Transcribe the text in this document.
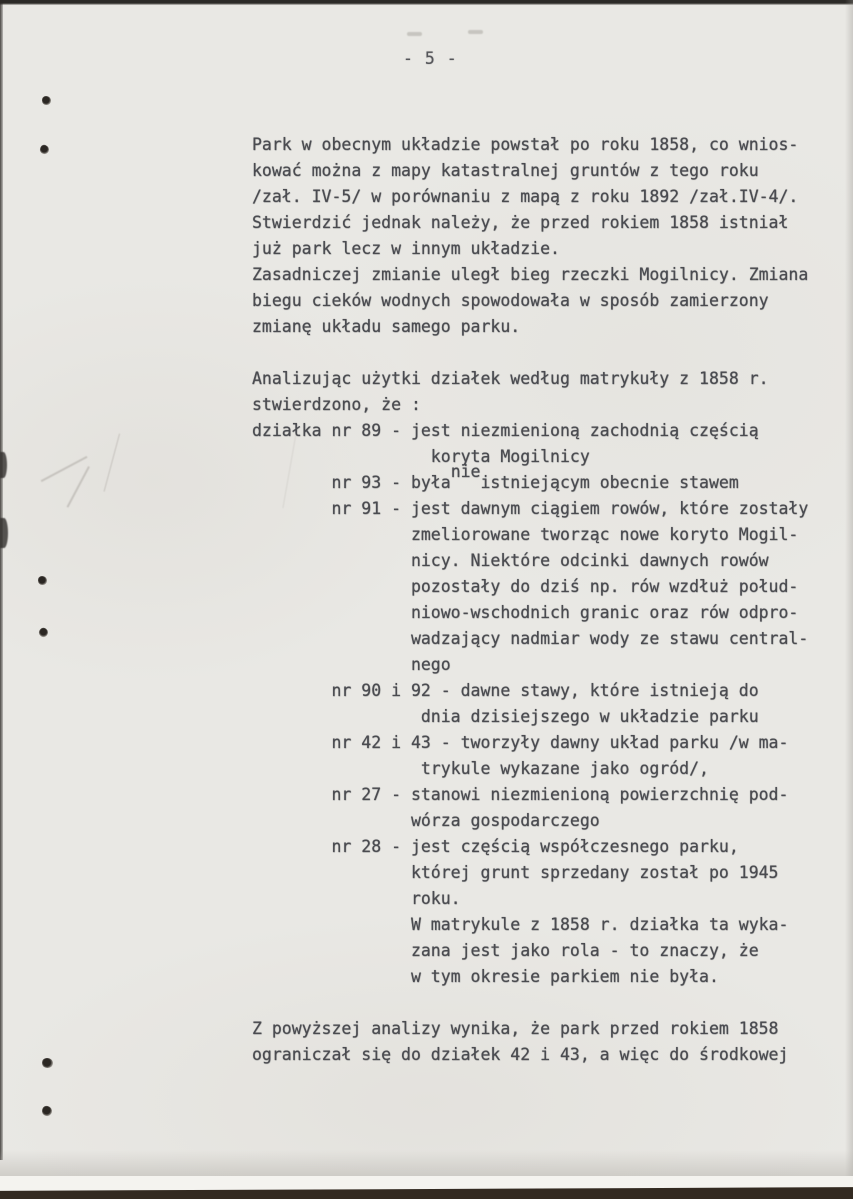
- 5 -
Park w obecnym układzie powstał po roku 1858, co wnios-
kować można z mapy katastralnej gruntów z tego roku
/zał. IV-5/ w porównaniu z mapą z roku 1892 /zał.IV-4/.
Stwierdzić jednak należy, że przed rokiem 1858 istniał
już park lecz w innym układzie.
Zasadniczej zmianie uległ bieg rzeczki Mogilnicy. Zmiana
biegu cieków wodnych spowodowała w sposób zamierzony
zmianę układu samego parku.
Analizując użytki działek według matrykuły z 1858 r.
stwierdzono, że :
działka nr 89 - jest niezmienioną zachodnią częścią
koryta Mogilnicy
nr 93 - byłanieistniejącym obecnie stawem
nr 91 - jest dawnym ciągiem rowów, które zostały
zmeliorowane tworząc nowe koryto Mogil-
nicy. Niektóre odcinki dawnych rowów
pozostały do dziś np. rów wzdłuż połud-
niowo-wschodnich granic oraz rów odpro-
wadzający nadmiar wody ze stawu central-
nego
nr 90 i 92 - dawne stawy, które istnieją do
dnia dzisiejszego w układzie parku
nr 42 i 43 - tworzyły dawny układ parku /w ma-
trykule wykazane jako ogród/,
nr 27 - stanowi niezmienioną powierzchnię pod-
wórza gospodarczego
nr 28 - jest częścią współczesnego parku,
której grunt sprzedany został po 1945
roku.
W matrykule z 1858 r. działka ta wyka-
zana jest jako rola - to znaczy, że
w tym okresie parkiem nie była.
Z powyższej analizy wynika, że park przed rokiem 1858
ograniczał się do działek 42 i 43, a więc do środkowej
